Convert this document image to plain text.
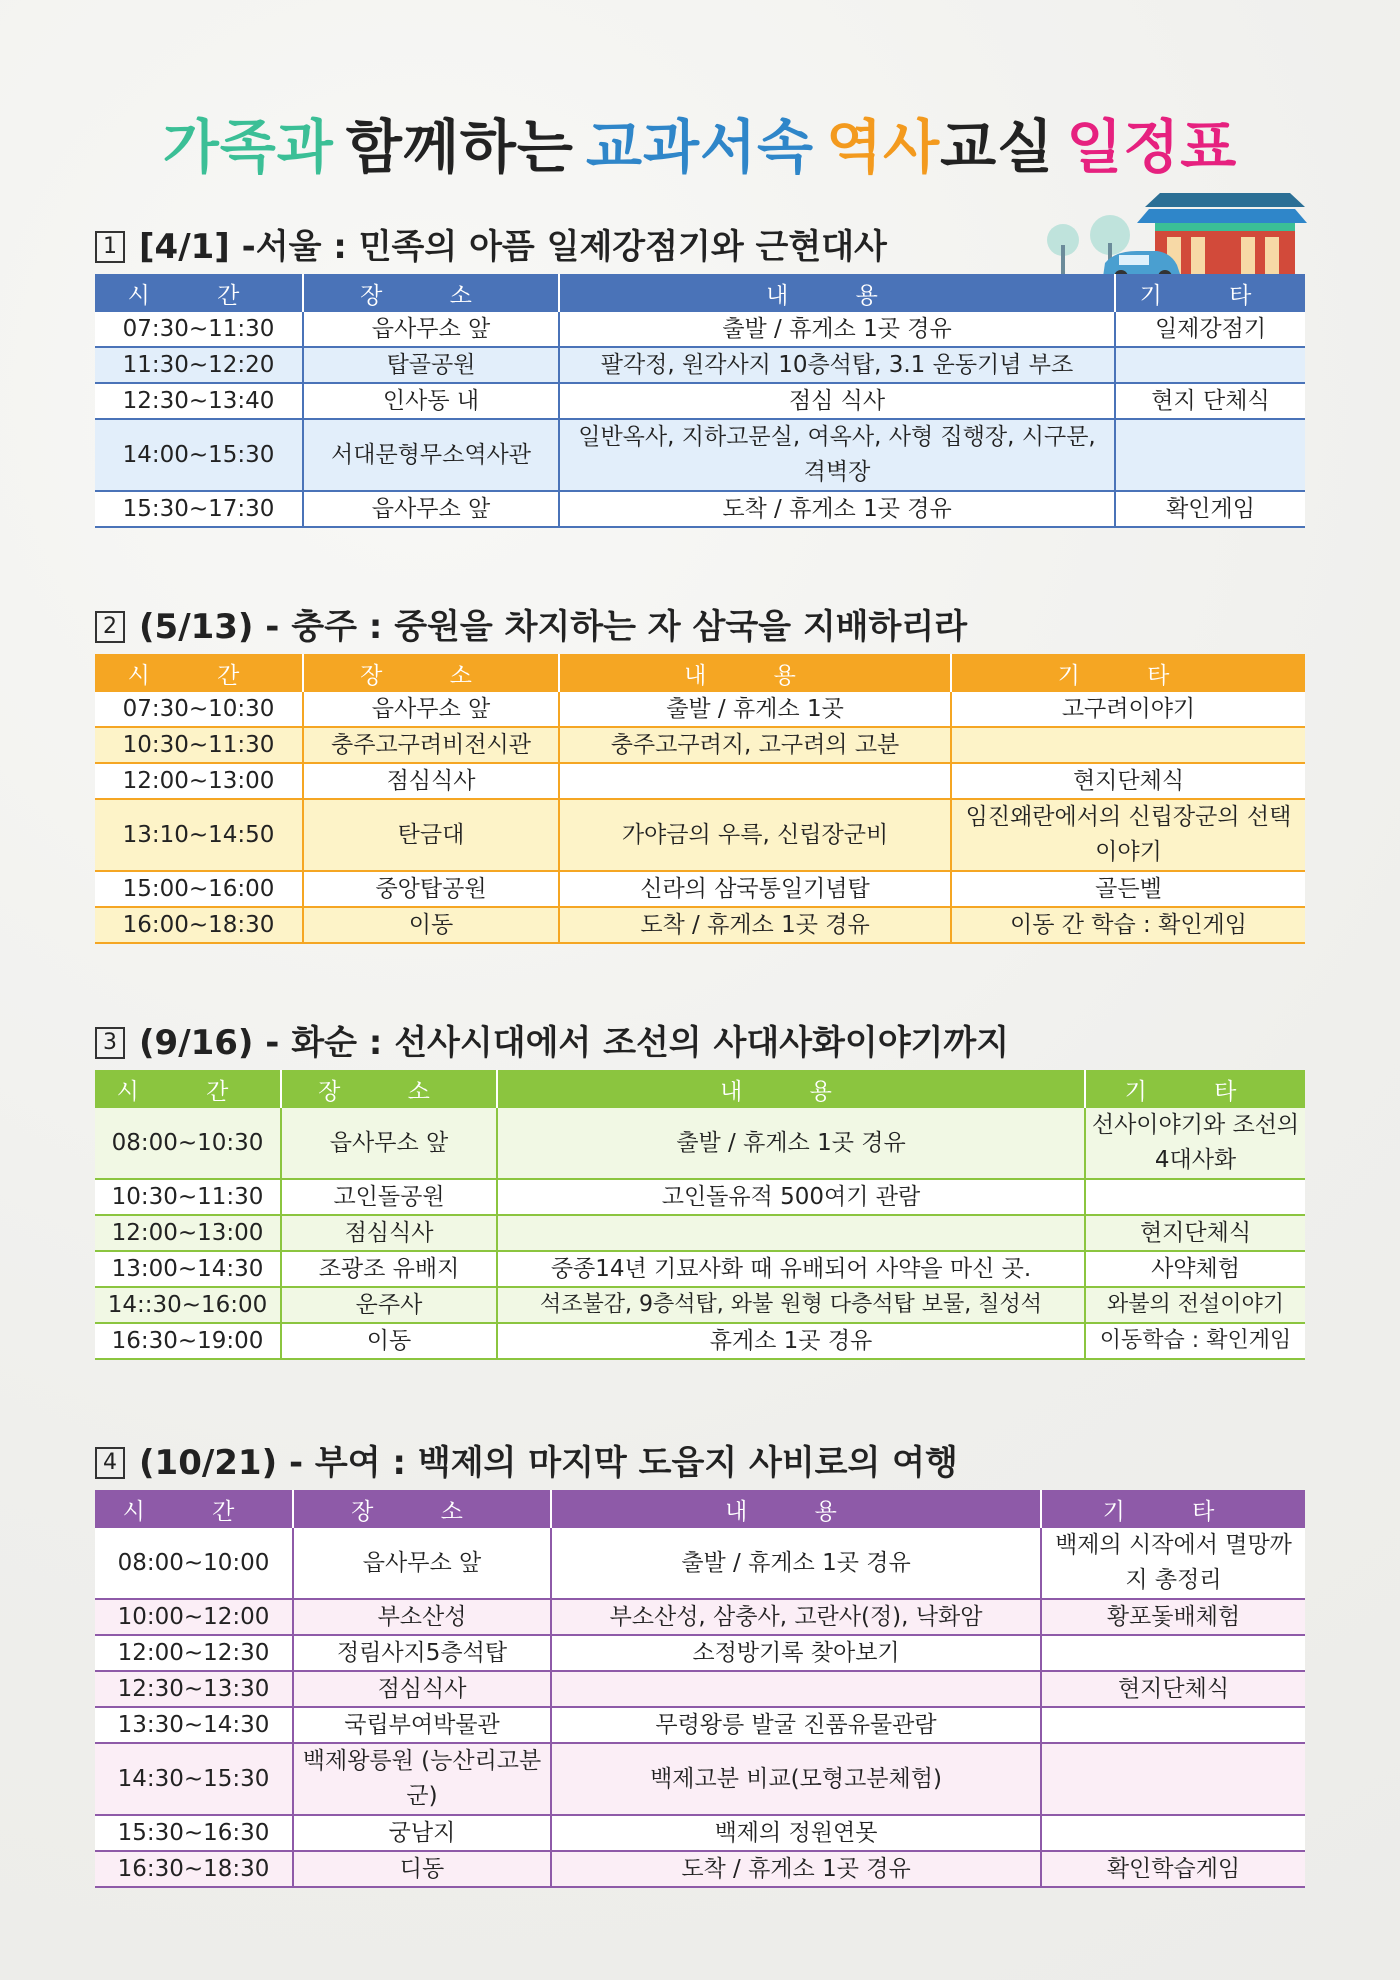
가족과 함께하는 교과서속 역사교실 일정표
1 [4/1] -서울 : 민족의 아픔 일제강점기와 근현대사
시 간	장 소	내 용	기 타
07:30~11:30	읍사무소 앞	출발 / 휴게소 1곳 경유	일제강점기
11:30~12:20	탑골공원	팔각정, 원각사지 10층석탑, 3.1 운동기념 부조	
12:30~13:40	인사동 내	점심 식사	현지 단체식
14:00~15:30	서대문형무소역사관	일반옥사, 지하고문실, 여옥사, 사형 집행장, 시구문, 격벽장	
15:30~17:30	읍사무소 앞	도착 / 휴게소 1곳 경유	확인게임
2 (5/13) - 충주 : 중원을 차지하는 자 삼국을 지배하리라
시 간	장 소	내 용	기 타
07:30~10:30	읍사무소 앞	출발 / 휴게소 1곳	고구려이야기
10:30~11:30	충주고구려비전시관	충주고구려지, 고구려의 고분	
12:00~13:00	점심식사		현지단체식
13:10~14:50	탄금대	가야금의 우륵, 신립장군비	임진왜란에서의 신립장군의 선택 이야기
15:00~16:00	중앙탑공원	신라의 삼국통일기념탑	골든벨
16:00~18:30	이동	도착 / 휴게소 1곳 경유	이동 간 학습 : 확인게임
3 (9/16) - 화순 : 선사시대에서 조선의 사대사화이야기까지
시 간	장 소	내 용	기 타
08:00~10:30	읍사무소 앞	출발 / 휴게소 1곳 경유	선사이야기와 조선의 4대사화
10:30~11:30	고인돌공원	고인돌유적 500여기 관람	
12:00~13:00	점심식사		현지단체식
13:00~14:30	조광조 유배지	중종14년 기묘사화 때 유배되어 사약을 마신 곳.	사약체험
14::30~16:00	운주사	석조불감, 9층석탑, 와불 원형 다층석탑 보물, 칠성석	와불의 전설이야기
16:30~19:00	이동	휴게소 1곳 경유	이동학습 : 확인게임
4 (10/21) - 부여 : 백제의 마지막 도읍지 사비로의 여행
시 간	장 소	내 용	기 타
08:00~10:00	읍사무소 앞	출발 / 휴게소 1곳 경유	백제의 시작에서 멸망까지 총정리
10:00~12:00	부소산성	부소산성, 삼충사, 고란사(정), 낙화암	황포돛배체험
12:00~12:30	정림사지5층석탑	소정방기록 찾아보기	
12:30~13:30	점심식사		현지단체식
13:30~14:30	국립부여박물관	무령왕릉 발굴 진품유물관람	
14:30~15:30	백제왕릉원 (능산리고분군)	백제고분 비교(모형고분체험)	
15:30~16:30	궁남지	백제의 정원연못	
16:30~18:30	디동	도착 / 휴게소 1곳 경유	확인학습게임
